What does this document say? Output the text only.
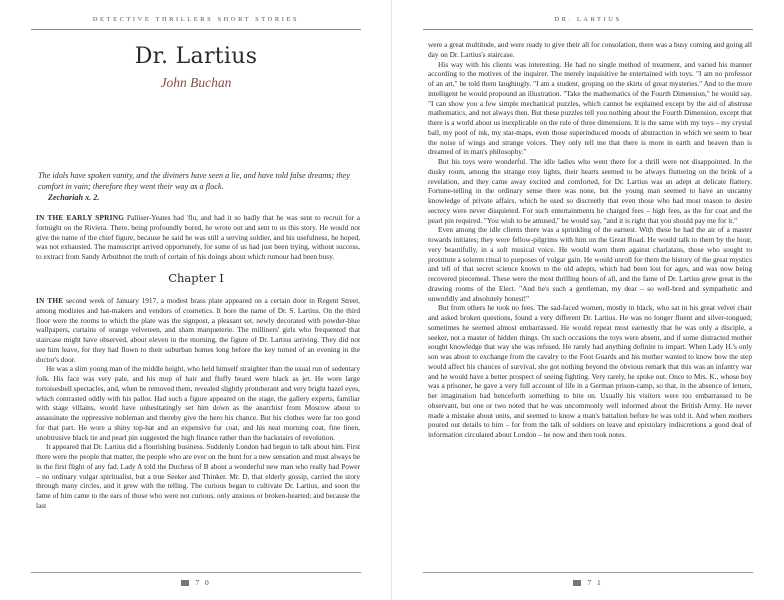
DETECTIVE THRILLERS SHORT STORIES
Dr. Lartius
John Buchan
The idols have spoken vanity, and the diviners have seen a lie, and have told false dreams; they comfort in vain; therefore they went their way as a flock.
Zechariah x. 2.

IN THE EARLY SPRING Palliser-Yeates had 'flu, and had it so badly that he was sent to recruit for a fortnight on the Riviera. There, being profoundly bored, he wrote out and sent to us this story. He would not give the name of the chief figure, because he said he was still a serving soldier, and his usefulness, he hoped, was not exhausted. The manuscript arrived opportunely, for some of us had just been trying, without success, to extract from Sandy Arbuthnot the truth of certain of his doings about which rumour had been busy.

Chapter I

IN THE second week of January 1917, a modest brass plate appeared on a certain door in Regent Street, among modistes and hat-makers and vendors of cosmetics. It bore the name of Dr. S. Lartius. On the third floor were the rooms to which the plate was the signpost, a pleasant set, newly decorated with powder-blue wallpapers, curtains of orange velveteen, and sham marqueterie. The milliners' girls who frequented that staircase might have observed, about eleven in the morning, the figure of Dr. Lartius arriving. They did not see him leave, for they had flown to their suburban homes long before the key turned of an evening in the doctor's door.

He was a slim young man of the middle height, who held himself straighter than the usual run of sedentary folk. His face was very pale, and his mop of hair and fluffy beard were black as jet. He wore large tortoiseshell spectacles, and, when he removed them, revealed slightly protuberant and very bright hazel eyes, which contrasted oddly with his pallor. Had such a figure appeared on the stage, the gallery experts, familiar with stage villains, would have unhesitatingly set him down as the anarchist from Moscow about to assassinate the oppressive nobleman and thereby give the hero his chance. But his clothes were far too good for that part. He wore a shiny top-hat and an expensive fur coat, and his neat morning coat, fine linen, unobtrusive black tie and pearl pin suggested the high finance rather than the backstairs of revolution.

It appeared that Dr. Lartius did a flourishing business. Suddenly London had begun to talk about him. First there were the people that matter, the people who are ever on the hunt for a new sensation and must always be in the first flight of any fad. Lady A told the Duchess of B about a wonderful new man who really had Power – no ordinary vulgar spiritualist, but a true Seeker and Thinker. Mr. D, that elderly gossip, carried the story through many circles, and it grew with the telling. The curious began to cultivate Dr. Lartius, and soon the fame of him came to the ears of those who were not curious, only anxious or broken-hearted; and because the last

7 0
DR. LARTIUS

were a great multitude, and were ready to give their all for consolation, there was a busy coming and going all day on Dr. Lartius's staircase.

His way with his clients was interesting. He had no single method of treatment, and varied his manner according to the motives of the inquirer. The merely inquisitive he entertained with toys. "I am no professor of an art," he told them laughingly. "I am a student, groping on the skirts of great mysteries." And to the more intelligent he would propound an illustration. "Take the mathematics of the Fourth Dimension," he would say. "I can show you a few simple mechanical puzzles, which cannot be explained except by the aid of abstruse mathematics, and not always then. But these puzzles tell you nothing about the Fourth Dimension, except that there is a world about us inexplicable on the rule of three dimensions. It is the same with my toys – my crystal ball, my pool of ink, my star-maps, even those superinduced moods of abstraction in which we seem to hear the noise of wings and strange voices. They only tell me that there is more in earth and heaven than is dreamed of in man's philosophy."

But his toys were wonderful. The idle ladies who went there for a thrill were not disappointed. In the dusky room, among the strange rosy lights, their hearts seemed to be always fluttering on the brink of a revelation, and they came away excited and comforted, for Dr. Lartius was an adept at delicate flattery. Fortune-telling in the ordinary sense there was none, but the young man seemed to have an uncanny knowledge of private affairs, which he used so discreetly that even those who had most reason to desire secrecy were never disquieted. For such entertainments he charged fees – high fees, as the fur coat and the pearl pin required. "You wish to be amused," he would say, "and it is right that you should pay me for it."

Even among the idle clients there was a sprinkling of the earnest. With these he had the air of a master towards initiates; they were fellow-pilgrims with him on the Great Road. He would talk to them by the hour, very beautifully, in a soft musical voice. He would warn them against charlatans, those who sought to prostitute a solemn ritual to purposes of vulgar gain. He would unroll for them the history of the great mystics and tell of that secret science known to the old adepts, which had been lost for ages, and was now being recovered piecemeal. These were the most thrilling hours of all, and the fame of Dr. Lartius grew great in the drawing rooms of the Elect. "And he's such a gentleman, my dear – so well-bred and sympathetic and unworldly and absolutely honest!"

But from others he took no fees. The sad-faced women, mostly in black, who sat in his great velvet chair and asked broken questions, found a very different Dr. Lartius. He was no longer fluent and silver-tongued; sometimes he seemed almost embarrassed. He would repeat most earnestly that he was only a disciple, a seeker, not a master of hidden things. On such occasions the toys were absent, and if some distracted mother sought knowledge that way she was refused. He rarely had anything definite to impart. When Lady H.'s only son was about to exchange from the cavalry to the Foot Guards and his mother wanted to know how the step would affect his chances of survival, she got nothing beyond the obvious remark that this was an infantry war and he would have a better prospect of seeing fighting. Very rarely, he spoke out. Once to Mrs. K., whose boy was a prisoner, he gave a very full account of life in a German prison-camp, so that, in the absence of letters, her imagination had henceforth something to bite on. Usually his visitors were too embarrassed to be observant, but one or two noted that he was uncommonly well informed about the British Army. He never made a mistake about units, and seemed to know a man's battalion before he was told it. And when mothers poured out details to him – for from the talk of soldiers on leave and epistolary indiscretions a good deal of information circulated about London – he now and then took notes.

7 1
